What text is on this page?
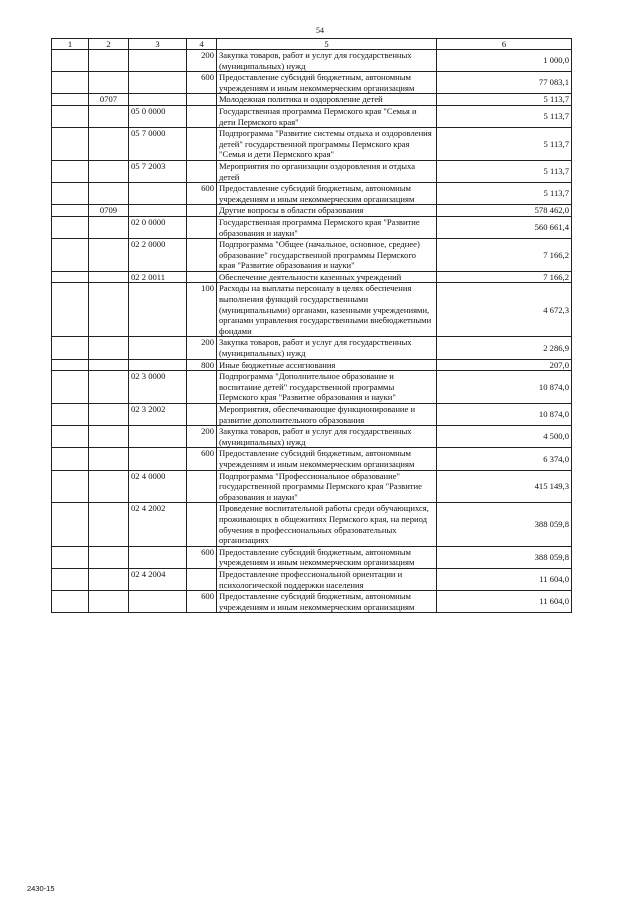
54
1	2	3	4	5	6
			200	Закупка товаров, работ и услуг для государственных (муниципальных) нужд	1 000,0
			600	Предоставление субсидий бюджетным, автономным учреждениям и иным некоммерческим организациям	77 083,1
	0707			Молодежная политика и оздоровление детей	5 113,7
		05 0 0000		Государственная программа Пермского края "Семья и дети Пермского края"	5 113,7
		05 7 0000		Подпрограмма "Развитие системы отдыха и оздоровления детей" государственной программы Пермского края "Семья и дети Пермского края"	5 113,7
		05 7 2003		Мероприятия по организации оздоровления и отдыха детей	5 113,7
			600	Предоставление субсидий бюджетным, автономным учреждениям и иным некоммерческим организациям	5 113,7
	0709			Другие вопросы в области образования	578 462,0
		02 0 0000		Государственная программа Пермского края "Развитие образования и науки"	560 661,4
		02 2 0000		Подпрограмма "Общее (начальное, основное, среднее) образование" государственной программы Пермского края "Развитие образования и науки"	7 166,2
		02 2 0011		Обеспечение деятельности казенных учреждений	7 166,2
			100	Расходы на выплаты персоналу в целях обеспечения выполнения функций государственными (муниципальными) органами, казенными учреждениями, органами управления государственными внебюджетными фондами	4 672,3
			200	Закупка товаров, работ и услуг для государственных (муниципальных) нужд	2 286,9
			800	Иные бюджетные ассигнования	207,0
		02 3 0000		Подпрограмма "Дополнительное образование и воспитание детей" государственной программы Пермского края "Развитие образования и науки"	10 874,0
		02 3 2002		Мероприятия, обеспечивающие функционирование и развитие дополнительного образования	10 874,0
			200	Закупка товаров, работ и услуг для государственных (муниципальных) нужд	4 500,0
			600	Предоставление субсидий бюджетным, автономным учреждениям и иным некоммерческим организациям	6 374,0
		02 4 0000		Подпрограмма "Профессиональное образование" государственной программы Пермского края "Развитие образования и науки"	415 149,3
		02 4 2002		Проведение воспитательной работы среди обучающихся, проживающих в общежитиях Пермского края, на период обучения в профессиональных образовательных организациях	388 059,8
			600	Предоставление субсидий бюджетным, автономным учреждениям и иным некоммерческим организациям	388 059,8
		02 4 2004		Предоставление профессиональной ориентации и психологической поддержки населения	11 604,0
			600	Предоставление субсидий бюджетным, автономным учреждениям и иным некоммерческим организациям	11 604,0
2430-15
